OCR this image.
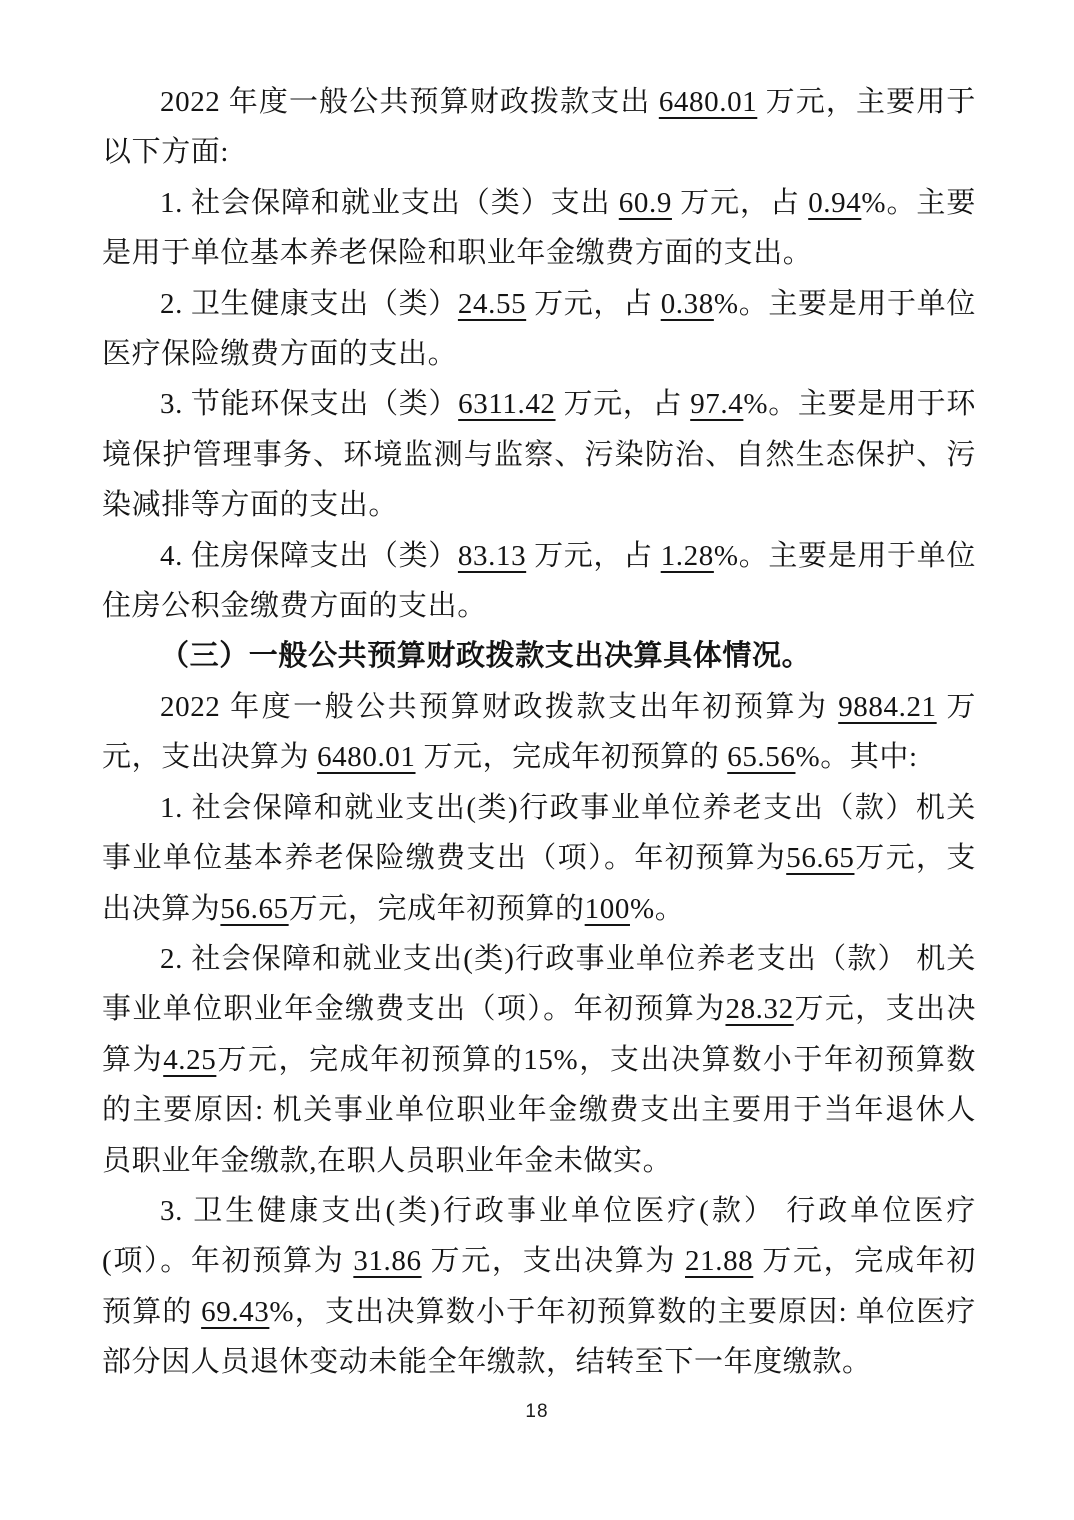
2022 年度一般公共预算财政拨款支出 6480.01 万元，主要用于以下方面:

1. 社会保障和就业支出（类）支出 60.9 万元，占 0.94%。主要是用于单位基本养老保险和职业年金缴费方面的支出。

2. 卫生健康支出（类）24.55 万元，占 0.38%。主要是用于单位医疗保险缴费方面的支出。

3. 节能环保支出（类）6311.42 万元，占 97.4%。主要是用于环境保护管理事务、环境监测与监察、污染防治、自然生态保护、污染减排等方面的支出。

4. 住房保障支出（类）83.13 万元，占 1.28%。主要是用于单位住房公积金缴费方面的支出。

（三）一般公共预算财政拨款支出决算具体情况。

2022 年度一般公共预算财政拨款支出年初预算为 9884.21 万元，支出决算为 6480.01 万元，完成年初预算的 65.56%。其中:

1. 社会保障和就业支出(类)行政事业单位养老支出（款）机关事业单位基本养老保险缴费支出（项）。年初预算为56.65万元，支出决算为56.65万元，完成年初预算的100%。

2. 社会保障和就业支出(类)行政事业单位养老支出（款） 机关事业单位职业年金缴费支出（项）。年初预算为28.32万元，支出决算为4.25万元，完成年初预算的15%，支出决算数小于年初预算数的主要原因: 机关事业单位职业年金缴费支出主要用于当年退休人员职业年金缴款,在职人员职业年金未做实。

3. 卫生健康支出(类)行政事业单位医疗(款） 行政单位医疗(项）。年初预算为 31.86 万元，支出决算为 21.88 万元，完成年初预算的 69.43%，支出决算数小于年初预算数的主要原因: 单位医疗部分因人员退休变动未能全年缴款，结转至下一年度缴款。

18
